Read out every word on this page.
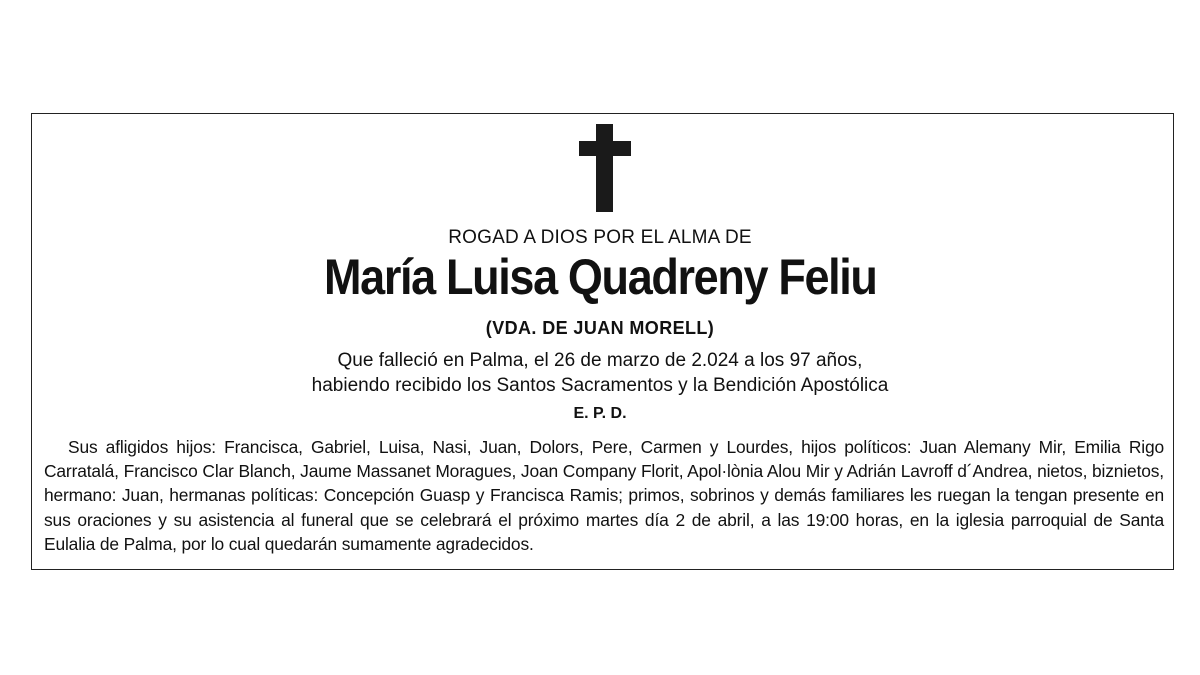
ROGAD A DIOS POR EL ALMA DE
María Luisa Quadreny Feliu
(VDA. DE JUAN MORELL)
Que falleció en Palma, el 26 de marzo de 2.024 a los 97 años,
habiendo recibido los Santos Sacramentos y la Bendición Apostólica
E. P. D.
Sus afligidos hijos: Francisca, Gabriel, Luisa, Nasi, Juan, Dolors, Pere, Carmen y Lourdes, hijos políticos: Juan Alemany Mir, Emilia Rigo Carratalá, Francisco Clar Blanch, Jaume Massanet Moragues, Joan Company Florit, Apol·lònia Alou Mir y Adrián Lavroff d´Andrea, nietos, biznietos, hermano: Juan, hermanas políticas: Concepción Guasp y Francisca Ramis; primos, sobrinos y demás familiares les ruegan la tengan presente en sus oraciones y su asistencia al funeral que se celebrará el próximo martes día 2 de abril, a las 19:00 horas, en la iglesia parroquial de Santa Eulalia de Palma, por lo cual quedarán sumamente agradecidos.
